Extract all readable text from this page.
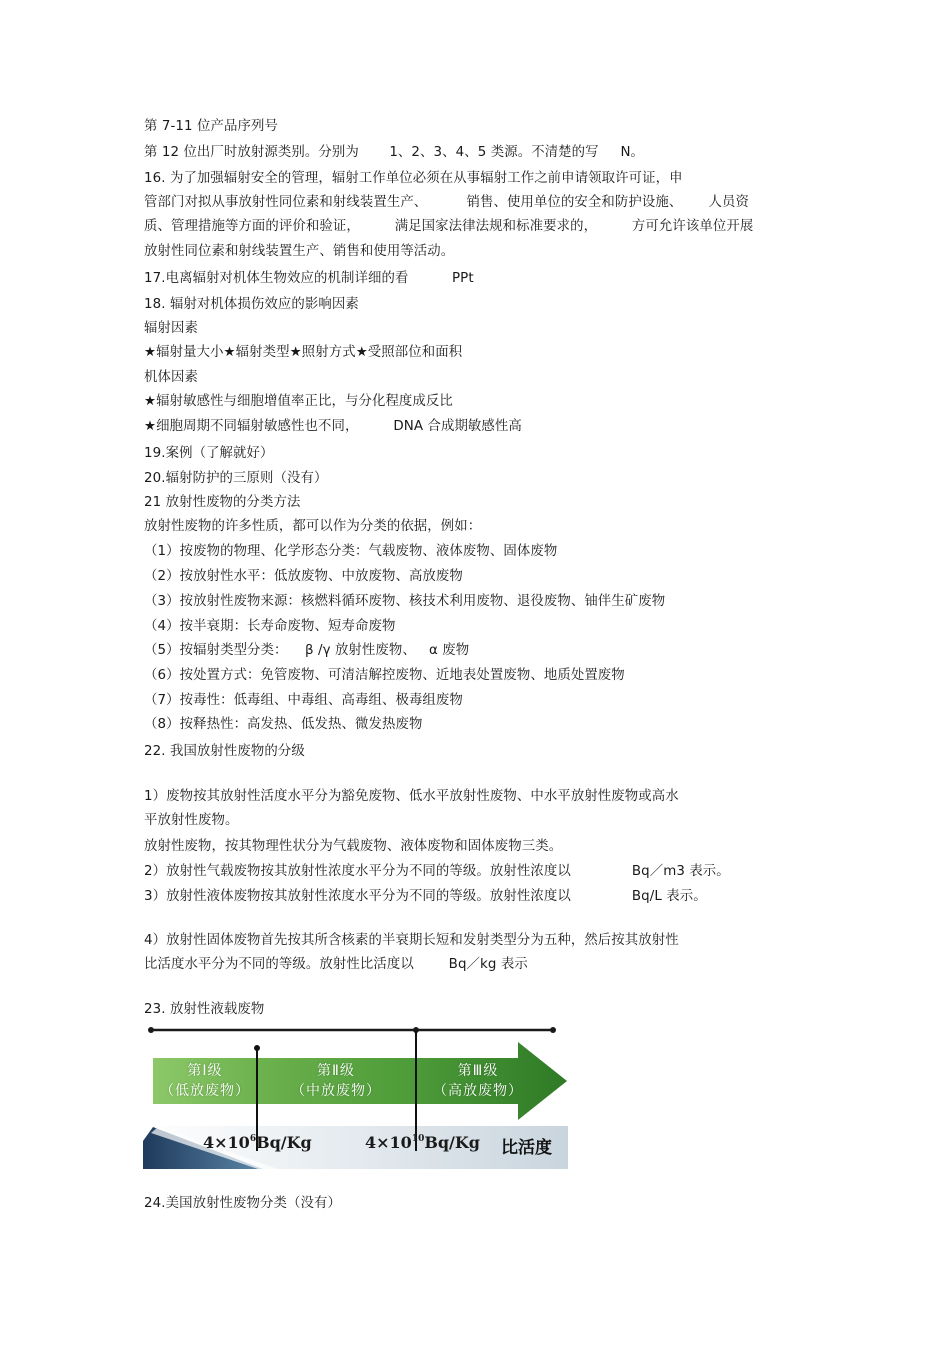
第 7-11 位产品序列号
第 12 位出厂时放射源类别。分别为       1、2、3、4、5 类源。不清楚的写     N。
16. 为了加强辐射安全的管理，辐射工作单位必须在从事辐射工作之前申请领取许可证，申
管部门对拟从事放射性同位素和射线装置生产、         销售、使用单位的安全和防护设施、      人员资
质、管理措施等方面的评价和验证，        满足国家法律法规和标准要求的，        方可允许该单位开展
放射性同位素和射线装置生产、销售和使用等活动。
17.电离辐射对机体生物效应的机制详细的看          PPt
18. 辐射对机体损伤效应的影响因素
辐射因素
★辐射量大小★辐射类型★照射方式★受照部位和面积
机体因素
★辐射敏感性与细胞增值率正比，与分化程度成反比
★细胞周期不同辐射敏感性也不同，        DNA 合成期敏感性高
19.案例（了解就好）
20.辐射防护的三原则（没有）
21 放射性废物的分类方法
放射性废物的许多性质，都可以作为分类的依据，例如：
（1）按废物的物理、化学形态分类：气载废物、液体废物、固体废物
（2）按放射性水平：低放废物、中放废物、高放废物
（3）按放射性废物来源：核燃料循环废物、核技术利用废物、退役废物、铀伴生矿废物
（4）按半衰期：长寿命废物、短寿命废物
（5）按辐射类型分类：    β /γ 放射性废物、   α 废物
（6）按处置方式：免管废物、可清洁解控废物、近地表处置废物、地质处置废物
（7）按毒性：低毒组、中毒组、高毒组、极毒组废物
（8）按释热性：高发热、低发热、微发热废物
22. 我国放射性废物的分级
1）废物按其放射性活度水平分为豁免废物、低水平放射性废物、中水平放射性废物或高水
平放射性废物。
放射性废物，按其物理性状分为气载废物、液体废物和固体废物三类。
2）放射性气载废物按其放射性浓度水平分为不同的等级。放射性浓度以              Bq／m3 表示。
3）放射性液体废物按其放射性浓度水平分为不同的等级。放射性浓度以              Bq/L 表示。
4）放射性固体废物首先按其所含核素的半衰期长短和发射类型分为五种，然后按其放射性
比活度水平分为不同的等级。放射性比活度以        Bq／kg 表示
23. 放射性液载废物
24.美国放射性废物分类（没有）
第Ⅰ级
（低放废物）
第Ⅱ级
（中放废物）
第Ⅲ级
（高放废物）
$4\times 10^6Bq/Kg$	$4\times 10^{10}Bq/Kg$ 比活度
